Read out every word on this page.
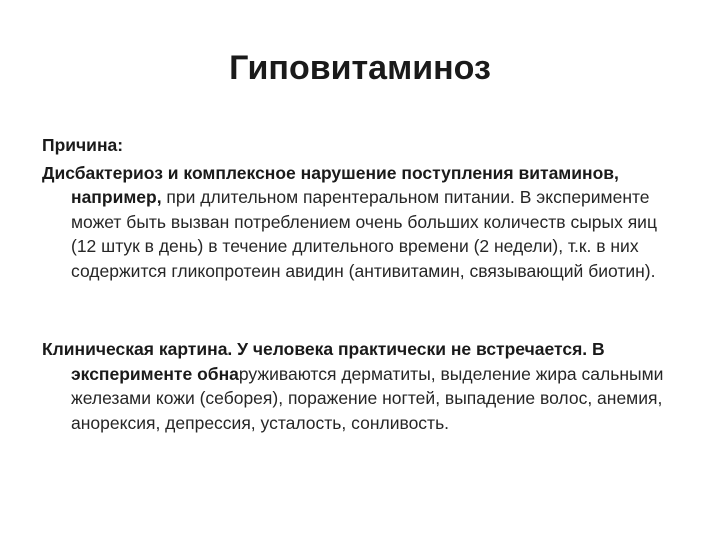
Гиповитаминоз
Причина:

Дисбактериоз и комплексное нарушение поступления витаминов, например, при длительном парентеральном питании. В эксперименте может быть вызван потреблением очень больших количеств сырых яиц (12 штук в день) в течение длительного времени (2 недели), т.к. в них содержится гликопротеин авидин (антивитамин, связывающий биотин).

Клиническая картина. У человека практически не встречается. В эксперименте обнаруживаются дерматиты, выделение жира сальными железами кожи (себорея), поражение ногтей, выпадение волос, анемия, анорексия, депрессия, усталость, сонливость.
